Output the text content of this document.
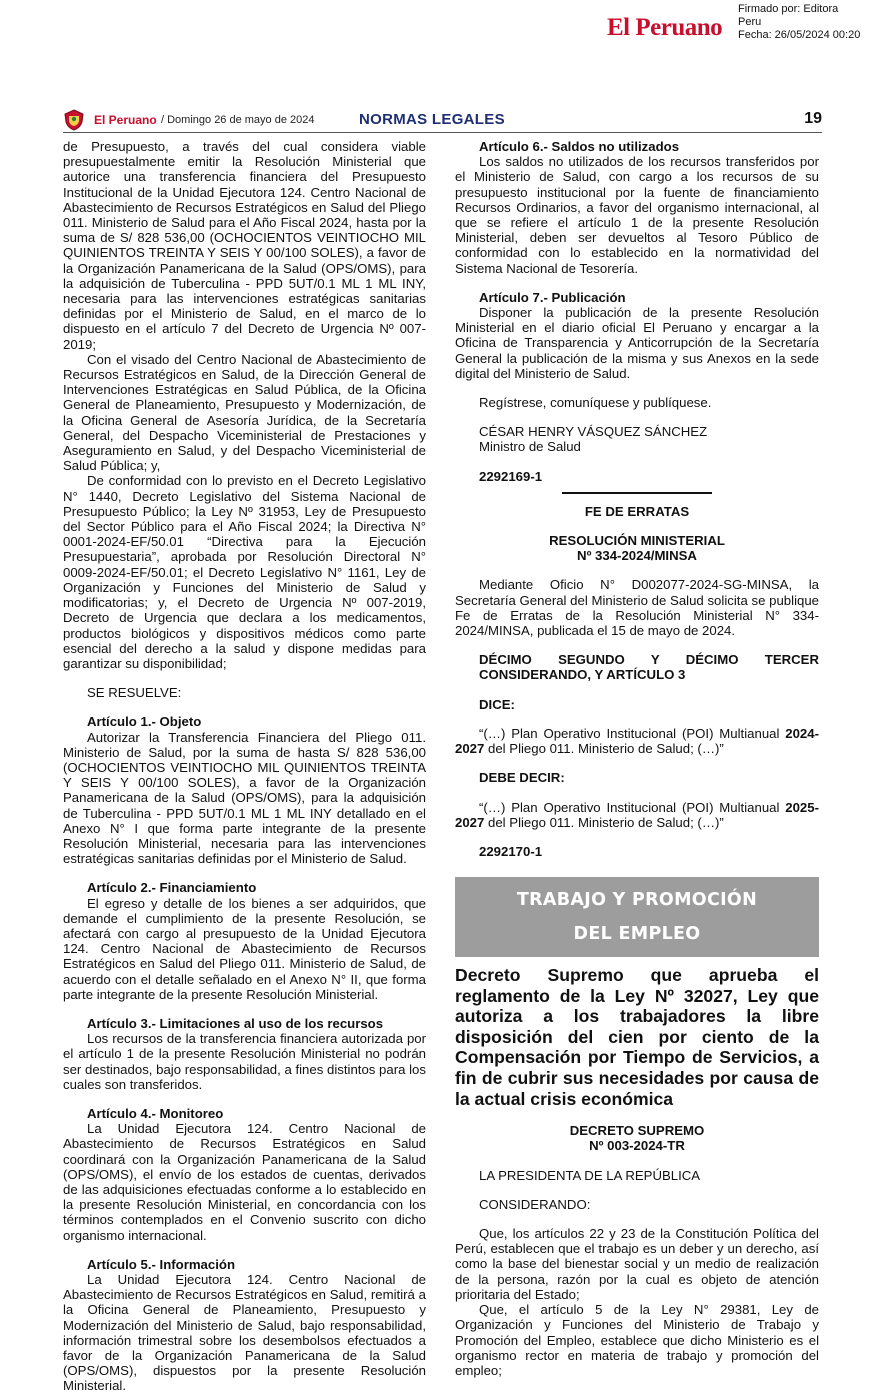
El Peruano
Firmado por: Editora
Peru
Fecha: 26/05/2024 00:20
El Peruano / Domingo 26 de mayo de 2024	NORMAS LEGALES	19

de Presupuesto, a través del cual considera viable presupuestalmente emitir la Resolución Ministerial que autorice una transferencia financiera del Presupuesto Institucional de la Unidad Ejecutora 124. Centro Nacional de Abastecimiento de Recursos Estratégicos en Salud del Pliego 011. Ministerio de Salud para el Año Fiscal 2024, hasta por la suma de S/ 828 536,00 (OCHOCIENTOS VEINTIOCHO MIL QUINIENTOS TREINTA Y SEIS Y 00/100 SOLES), a favor de la Organización Panamericana de la Salud (OPS/OMS), para la adquisición de Tuberculina - PPD 5UT/0.1 ML 1 ML INY, necesaria para las intervenciones estratégicas sanitarias definidas por el Ministerio de Salud, en el marco de lo dispuesto en el artículo 7 del Decreto de Urgencia Nº 007-2019;

Con el visado del Centro Nacional de Abastecimiento de Recursos Estratégicos en Salud, de la Dirección General de Intervenciones Estratégicas en Salud Pública, de la Oficina General de Planeamiento, Presupuesto y Modernización, de la Oficina General de Asesoría Jurídica, de la Secretaría General, del Despacho Viceministerial de Prestaciones y Aseguramiento en Salud, y del Despacho Viceministerial de Salud Pública; y,

De conformidad con lo previsto en el Decreto Legislativo N° 1440, Decreto Legislativo del Sistema Nacional de Presupuesto Público; la Ley Nº 31953, Ley de Presupuesto del Sector Público para el Año Fiscal 2024; la Directiva N° 0001-2024-EF/50.01 “Directiva para la Ejecución Presupuestaria”, aprobada por Resolución Directoral N° 0009-2024-EF/50.01; el Decreto Legislativo N° 1161, Ley de Organización y Funciones del Ministerio de Salud y modificatorias; y, el Decreto de Urgencia Nº 007-2019, Decreto de Urgencia que declara a los medicamentos, productos biológicos y dispositivos médicos como parte esencial del derecho a la salud y dispone medidas para garantizar su disponibilidad;

SE RESUELVE:

Artículo 1.- Objeto

Autorizar la Transferencia Financiera del Pliego 011. Ministerio de Salud, por la suma de hasta S/ 828 536,00 (OCHOCIENTOS VEINTIOCHO MIL QUINIENTOS TREINTA Y SEIS Y 00/100 SOLES), a favor de la Organización Panamericana de la Salud (OPS/OMS), para la adquisición de Tuberculina - PPD 5UT/0.1 ML 1 ML INY detallado en el Anexo N° I que forma parte integrante de la presente Resolución Ministerial, necesaria para las intervenciones estratégicas sanitarias definidas por el Ministerio de Salud.

Artículo 2.- Financiamiento

El egreso y detalle de los bienes a ser adquiridos, que demande el cumplimiento de la presente Resolución, se afectará con cargo al presupuesto de la Unidad Ejecutora 124. Centro Nacional de Abastecimiento de Recursos Estratégicos en Salud del Pliego 011. Ministerio de Salud, de acuerdo con el detalle señalado en el Anexo N° II, que forma parte integrante de la presente Resolución Ministerial.

Artículo 3.- Limitaciones al uso de los recursos

Los recursos de la transferencia financiera autorizada por el artículo 1 de la presente Resolución Ministerial no podrán ser destinados, bajo responsabilidad, a fines distintos para los cuales son transferidos.

Artículo 4.- Monitoreo

La Unidad Ejecutora 124. Centro Nacional de Abastecimiento de Recursos Estratégicos en Salud coordinará con la Organización Panamericana de la Salud (OPS/OMS), el envío de los estados de cuentas, derivados de las adquisiciones efectuadas conforme a lo establecido en la presente Resolución Ministerial, en concordancia con los términos contemplados en el Convenio suscrito con dicho organismo internacional.

Artículo 5.- Información

La Unidad Ejecutora 124. Centro Nacional de Abastecimiento de Recursos Estratégicos en Salud, remitirá a la Oficina General de Planeamiento, Presupuesto y Modernización del Ministerio de Salud, bajo responsabilidad, información trimestral sobre los desembolsos efectuados a favor de la Organización Panamericana de la Salud (OPS/OMS), dispuestos por la presente Resolución Ministerial.

Artículo 6.- Saldos no utilizados

Los saldos no utilizados de los recursos transferidos por el Ministerio de Salud, con cargo a los recursos de su presupuesto institucional por la fuente de financiamiento Recursos Ordinarios, a favor del organismo internacional, al que se refiere el artículo 1 de la presente Resolución Ministerial, deben ser devueltos al Tesoro Público de conformidad con lo establecido en la normatividad del Sistema Nacional de Tesorería.

Artículo 7.- Publicación

Disponer la publicación de la presente Resolución Ministerial en el diario oficial El Peruano y encargar a la Oficina de Transparencia y Anticorrupción de la Secretaría General la publicación de la misma y sus Anexos en la sede digital del Ministerio de Salud.

Regístrese, comuníquese y publíquese.

CÉSAR HENRY VÁSQUEZ SÁNCHEZ

Ministro de Salud

2292169-1

FE DE ERRATAS

RESOLUCIÓN MINISTERIAL

Nº 334-2024/MINSA

Mediante Oficio N° D002077-2024-SG-MINSA, la Secretaría General del Ministerio de Salud solicita se publique Fe de Erratas de la Resolución Ministerial N° 334-2024/MINSA, publicada el 15 de mayo de 2024.

DÉCIMO SEGUNDO Y DÉCIMO TERCER CONSIDERANDO, Y ARTÍCULO 3

DICE:

“(…) Plan Operativo Institucional (POI) Multianual 2024-2027 del Pliego 011. Ministerio de Salud; (…)”

DEBE DECIR:

“(…) Plan Operativo Institucional (POI) Multianual 2025-2027 del Pliego 011. Ministerio de Salud; (…)”

2292170-1

TRABAJO Y PROMOCIÓN
DEL EMPLEO

Decreto Supremo que aprueba el reglamento de la Ley Nº 32027, Ley que autoriza a los trabajadores la libre disposición del cien por ciento de la Compensación por Tiempo de Servicios, a fin de cubrir sus necesidades por causa de la actual crisis económica

DECRETO SUPREMO

Nº 003-2024-TR

LA PRESIDENTA DE LA REPÚBLICA

CONSIDERANDO:

Que, los artículos 22 y 23 de la Constitución Política del Perú, establecen que el trabajo es un deber y un derecho, así como la base del bienestar social y un medio de realización de la persona, razón por la cual es objeto de atención prioritaria del Estado;

Que, el artículo 5 de la Ley N° 29381, Ley de Organización y Funciones del Ministerio de Trabajo y Promoción del Empleo, establece que dicho Ministerio es el organismo rector en materia de trabajo y promoción del empleo;
